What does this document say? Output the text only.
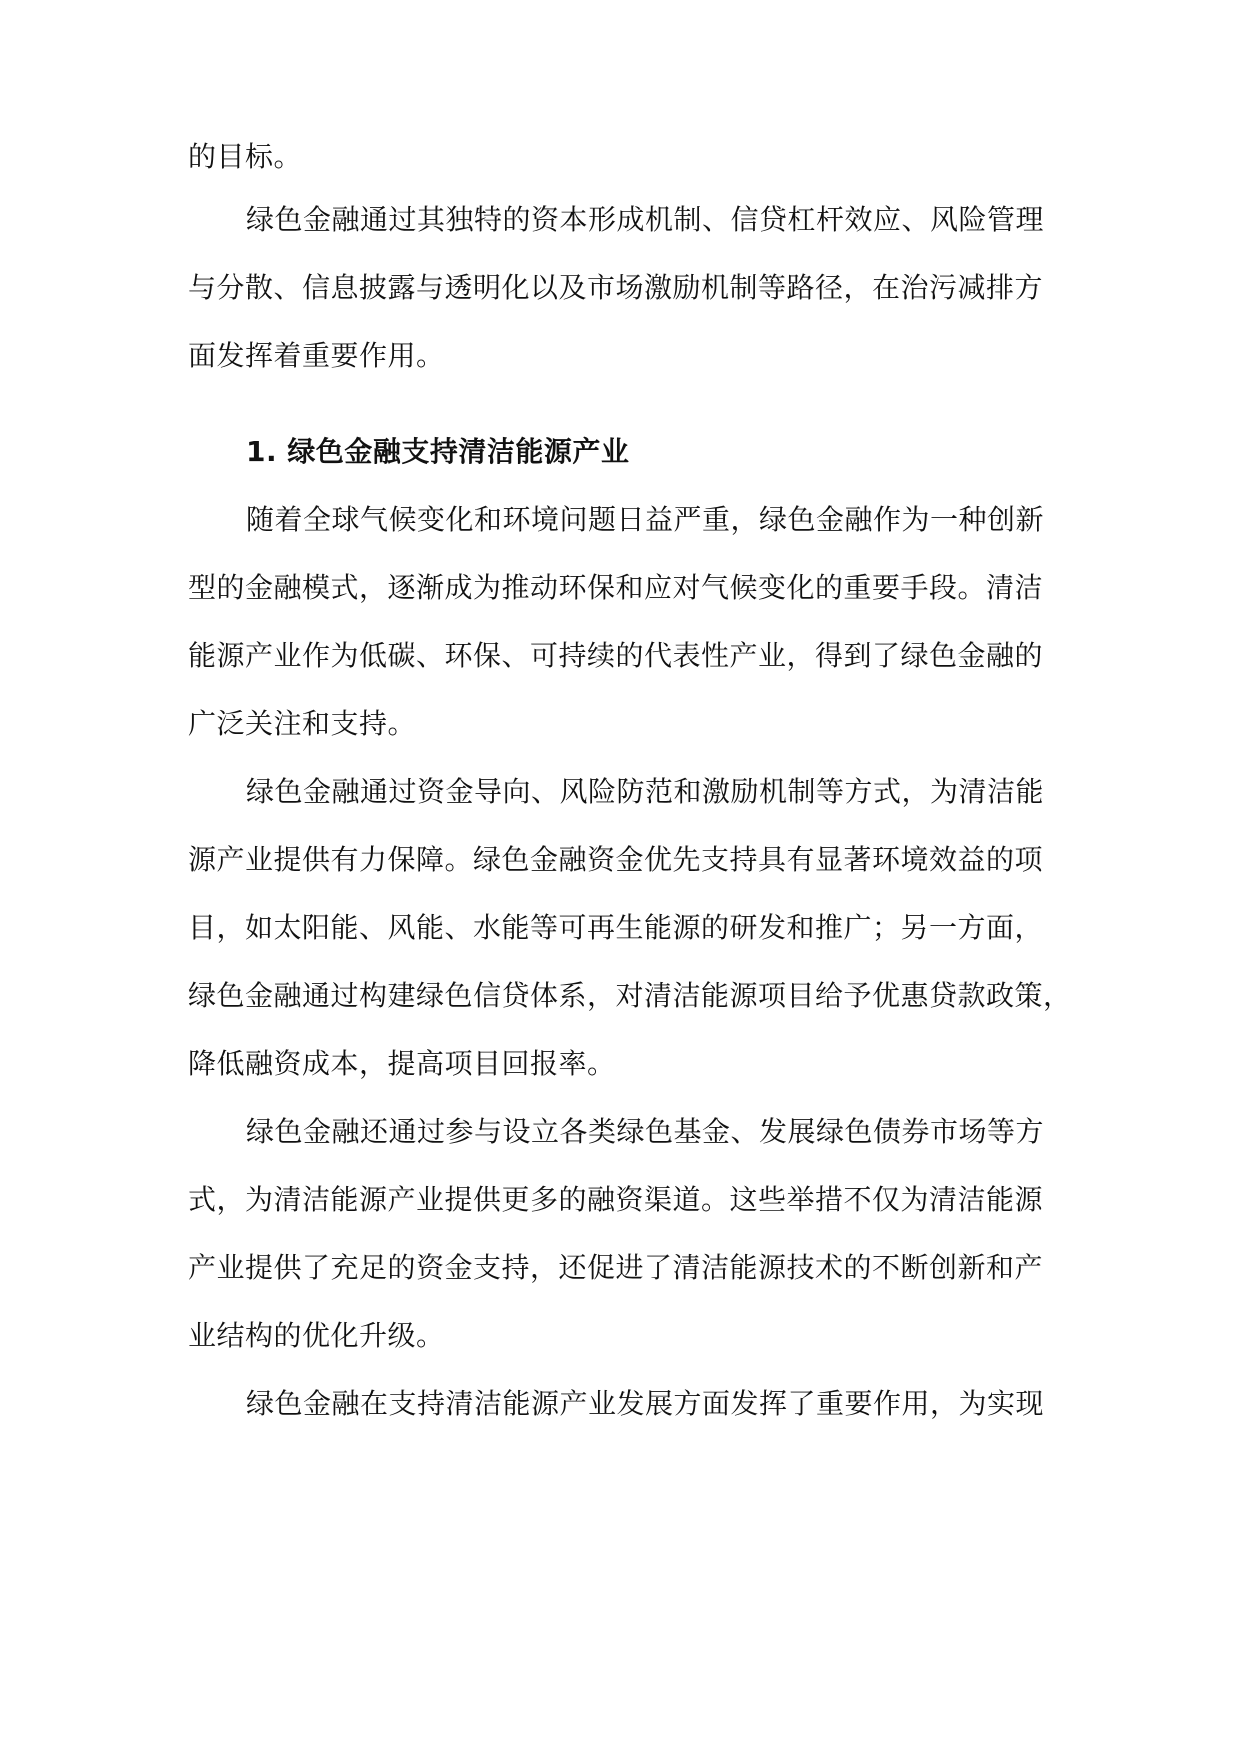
的目标。
绿色金融通过其独特的资本形成机制、信贷杠杆效应、风险管理
与分散、信息披露与透明化以及市场激励机制等路径，在治污减排方
面发挥着重要作用。
1. 绿色金融支持清洁能源产业
随着全球气候变化和环境问题日益严重，绿色金融作为一种创新
型的金融模式，逐渐成为推动环保和应对气候变化的重要手段。清洁
能源产业作为低碳、环保、可持续的代表性产业，得到了绿色金融的
广泛关注和支持。
绿色金融通过资金导向、风险防范和激励机制等方式，为清洁能
源产业提供有力保障。绿色金融资金优先支持具有显著环境效益的项
目，如太阳能、风能、水能等可再生能源的研发和推广；另一方面，
绿色金融通过构建绿色信贷体系，对清洁能源项目给予优惠贷款政策，
降低融资成本，提高项目回报率。
绿色金融还通过参与设立各类绿色基金、发展绿色债券市场等方
式，为清洁能源产业提供更多的融资渠道。这些举措不仅为清洁能源
产业提供了充足的资金支持，还促进了清洁能源技术的不断创新和产
业结构的优化升级。
绿色金融在支持清洁能源产业发展方面发挥了重要作用，为实现
